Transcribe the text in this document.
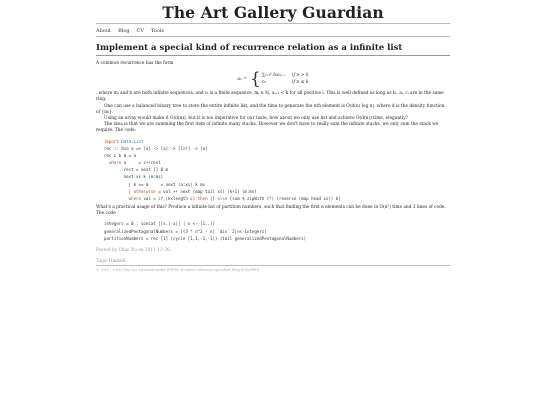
The Art Gallery Guardian
About Blog CV Tools
Implement a special kind of recurrence relation as a infinite list

A common recurrence has the form

aₙ = { ∑ᵢ₌₁ᵏ bᵢaₙ₋ᵢ	if n > k
cₙ	if n ≤ k

, where mᵢ and b are both infinite sequences, and cᵢ is a finite sequence, mᵢ ∈ ℕ, aᵢ₊₁ < k for all positive i. This is well defined as long as bᵢ, aᵢ, cᵢ are in the same ring.

One can use a balanced binary tree to store the entire infinite list, and the time to generate the nth element is O(d(n) log n), where d is the density function of {mᵢ}.

Using an array would make it O(d(n)), but it is too imperative for our taste, how about we only use list and achieve O(d(n)) time, elegantly?

The idea is that we are summing the first item of infinite many stacks. However we don't have to really sum the infinite stacks, we only sum the stack we require. The code:

import Data.List
rec :: Num a => [a] -> [a] -> [Int] -> [a]
rec c b m = a
where a     = c++rest
rest = next [] 0 m
next xs k (m:ms)
| k == m     = next (a:xs) k ms
| otherwise = val ++ next (map tail xs) (k+1) (m:ms)
where val = if (k<length c) then [] else [sum $ zipWith (*) (reverse (map head xs)) b]

What's a practical usage of this? Produce a infinite list of partition numbers, such that finding the first n elements can be done in O(n²) time and 3 lines of code. The code

integers = 0 : concat [[x,(-x)] | x <- [1..]]
generalizedPentagonalNumbers = [(3 * n^2 - n) `div` 2|n<-integers]
partitionNumbers = rec [1] (cycle [1,1,-1,-1]) (tail generalizedPentagonalNumbers)

Posted by Chao Xu on 2011-12-30.

Tags: Haskell.

© 2010 - 2016 Chao Xu. Licensed under WTFPL of unless otherwise specified. Blog RSS/FEED.
